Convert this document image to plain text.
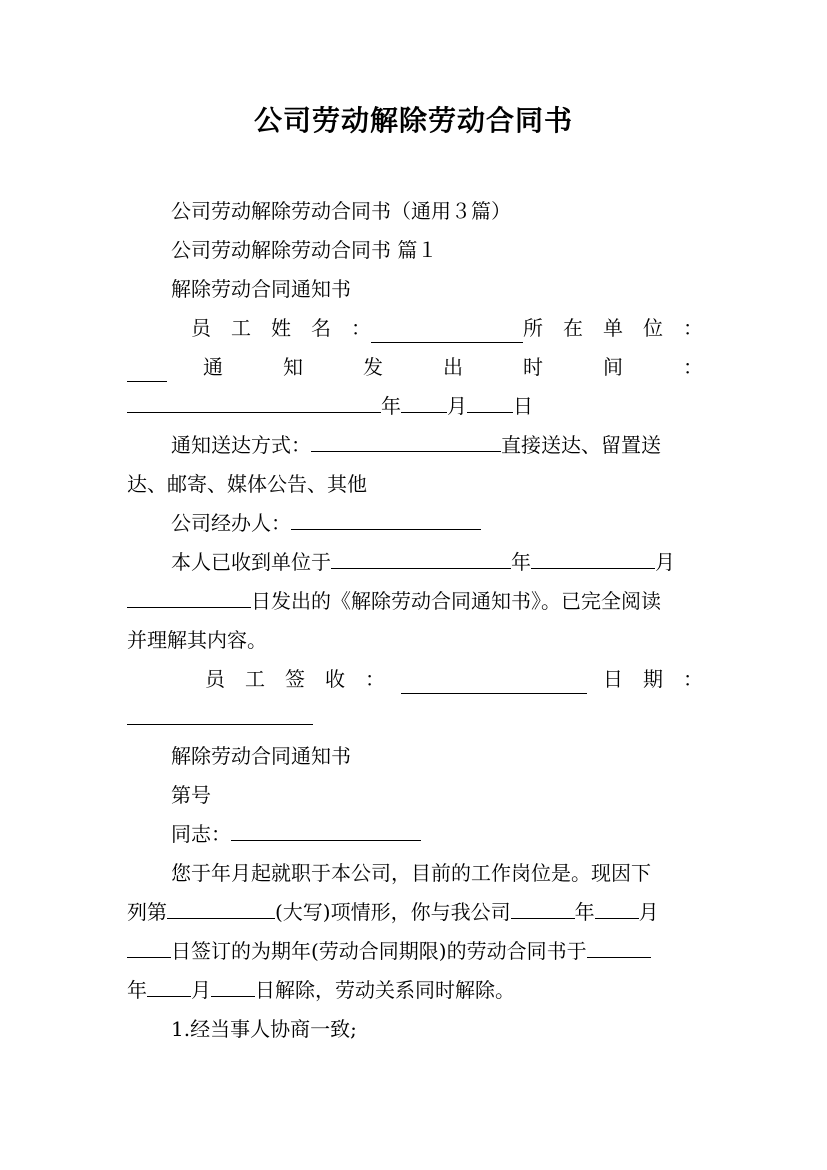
公司劳动解除劳动合同书
公司劳动解除劳动合同书（通用３篇）
公司劳动解除劳动合同书 篇１
解除劳动合同通知书
员　工　姓　名　：	所　在　单　位　：
通　　　知　　　发　　　出　　　时　　　间　　　：
年 月 日
通知送达方式：	直接送达、留置送
达、邮寄、媒体公告、其他
公司经办人：
本人已收到单位于	年	月
日发出的《解除劳动合同通知书》。已完全阅读
并理解其内容。
员　工　签　收　：	日　期　：
解除劳动合同通知书
第号
同志：
您于年月起就职于本公司，目前的工作岗位是。现因下
列第	(大写)项情形，你与我公司	年 月
日签订的为期年(劳动合同期限)的劳动合同书于
年 月 日解除，劳动关系同时解除。
1.经当事人协商一致;
